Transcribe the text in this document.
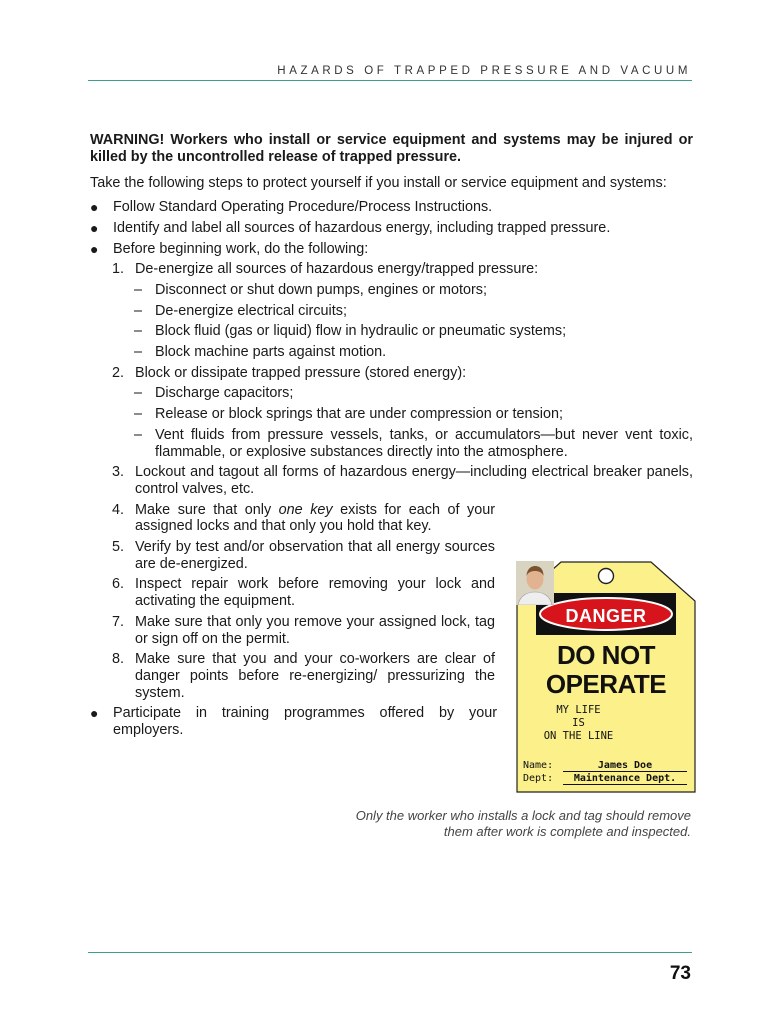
HAZARDS OF TRAPPED PRESSURE AND VACUUM

WARNING! Workers who install or service equipment and systems may be injured or killed by the uncontrolled release of trapped pressure.

Take the following steps to protect yourself if you install or service equipment and systems:

● Follow Standard Operating Procedure/Process Instructions.
● Identify and label all sources of hazardous energy, including trapped pressure.
● Before beginning work, do the following:
1. De-energize all sources of hazardous energy/trapped pressure:
– Disconnect or shut down pumps, engines or motors;
– De-energize electrical circuits;
– Block fluid (gas or liquid) flow in hydraulic or pneumatic systems;
– Block machine parts against motion.
2. Block or dissipate trapped pressure (stored energy):
– Discharge capacitors;
– Release or block springs that are under compression or tension;
– Vent fluids from pressure vessels, tanks, or accumulators—but never vent toxic, flammable, or explosive substances directly into the atmosphere.
3. Lockout and tagout all forms of hazardous energy—including electrical breaker panels, control valves, etc.
4. Make sure that only one key exists for each of your assigned locks and that only you hold that key.
5. Verify by test and/or observation that all energy sources are de-energized.
6. Inspect repair work before removing your lock and activating the equipment.
7. Make sure that only you remove your assigned lock, tag or sign off on the permit.
8. Make sure that you and your co-workers are clear of danger points before re-energizing/ pressurizing the system.
● Participate in training programmes offered by your employers.
DANGER
DO NOT
OPERATE
MY LIFE
IS
ON THE LINE
Name:	James Doe
Dept: Maintenance Dept.
Only the worker who installs a lock and tag should remove them after work is complete and inspected.
73
